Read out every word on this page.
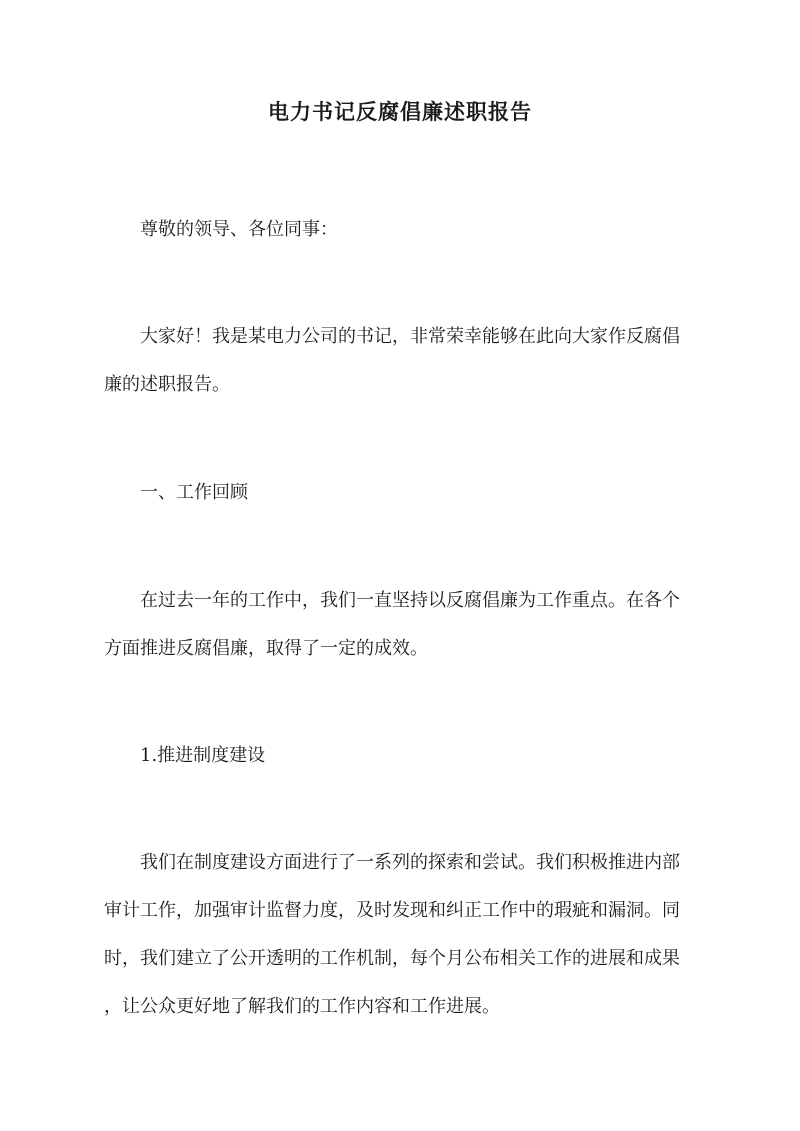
电力书记反腐倡廉述职报告

尊敬的领导、各位同事：

大家好！我是某电力公司的书记，非常荣幸能够在此向大家作反腐倡

廉的述职报告。

一、工作回顾

在过去一年的工作中，我们一直坚持以反腐倡廉为工作重点。在各个

方面推进反腐倡廉，取得了一定的成效。

1.推进制度建设

我们在制度建设方面进行了一系列的探索和尝试。我们积极推进内部

审计工作，加强审计监督力度，及时发现和纠正工作中的瑕疵和漏洞。同

时，我们建立了公开透明的工作机制，每个月公布相关工作的进展和成果

，让公众更好地了解我们的工作内容和工作进展。
